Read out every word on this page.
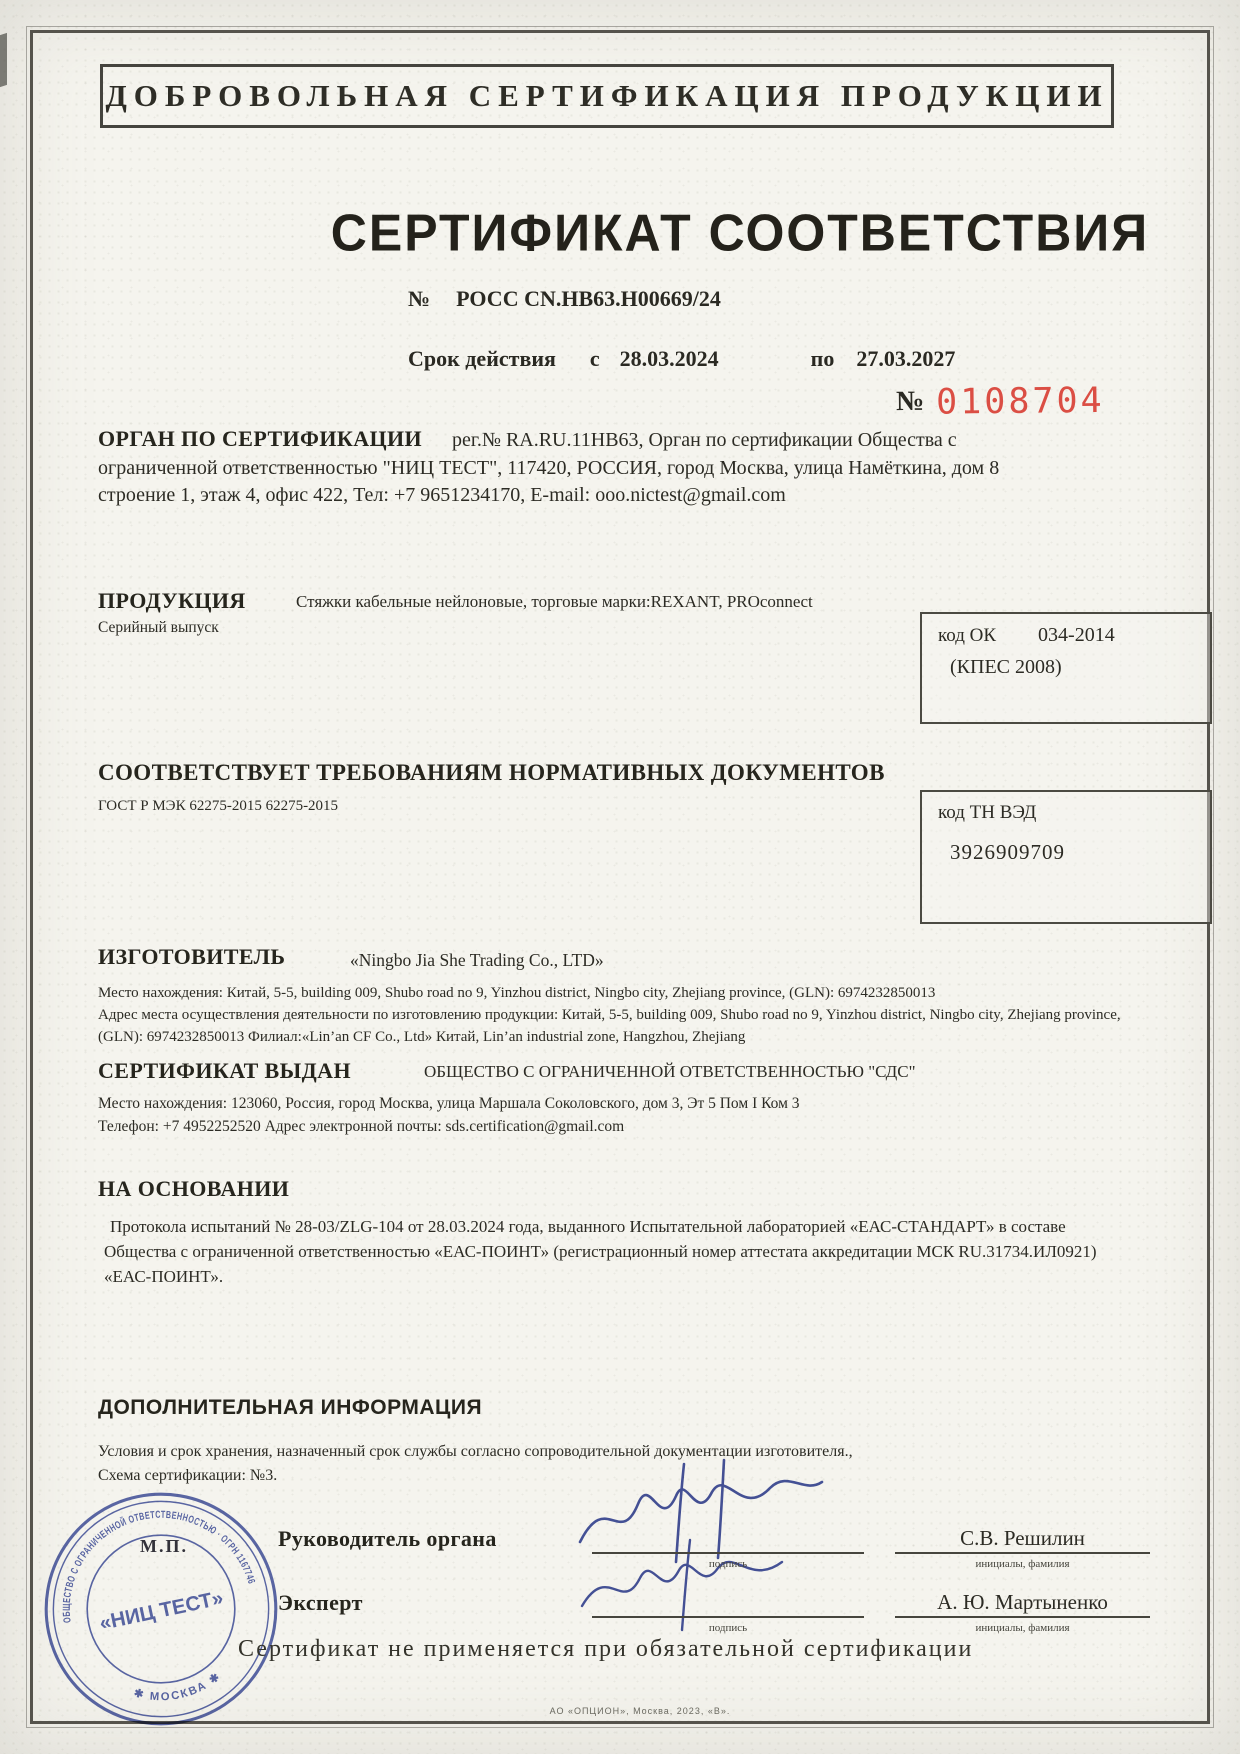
ДОБРОВОЛЬНАЯ СЕРТИФИКАЦИЯ ПРОДУКЦИИ
СЕРТИФИКАТ СООТВЕТСТВИЯ
№ РОСС CN.НВ63.Н00669/24
Срок действия с 28.03.2024	по 27.03.2027
№ 0108704

ОРГАН ПО СЕРТИФИКАЦИИ рег.№ RA.RU.11НВ63, Орган по сертификации Общества с ограниченной ответственностью "НИЦ ТЕСТ", 117420, РОССИЯ, город Москва, улица Намёткина, дом 8 строение 1, этаж 4, офис 422, Тел: +7 9651234170, E-mail: ooo.nictest@gmail.com

ПРОДУКЦИЯ
Серийный выпуск
Стяжки кабельные нейлоновые, торговые марки:REXANT, PROconnect
код ОК 034-2014
(КПЕС 2008)
СООТВЕТСТВУЕТ ТРЕБОВАНИЯМ НОРМАТИВНЫХ ДОКУМЕНТОВ
ГОСТ Р МЭК 62275-2015 62275-2015	код ТН ВЭД
3926909709
ИЗГОТОВИТЕЛЬ	«Ningbo Jia She Trading Co., LTD»
Место нахождения: Китай, 5-5, building 009, Shubo road no 9, Yinzhou district, Ningbo city, Zhejiang province, (GLN): 6974232850013
Адрес места осуществления деятельности по изготовлению продукции: Китай, 5-5, building 009, Shubo road no 9, Yinzhou district, Ningbo city, Zhejiang province, (GLN): 6974232850013 Филиал:«Lin’an CF Co., Ltd» Китай, Lin’an industrial zone, Hangzhou, Zhejiang
СЕРТИФИКАТ ВЫДАН	ОБЩЕСТВО С ОГРАНИЧЕННОЙ ОТВЕТСТВЕННОСТЬЮ "СДС"
Место нахождения: 123060, Россия, город Москва, улица Маршала Соколовского, дом 3, Эт 5 Пом I Ком 3
Телефон: +7 4952252520 Адрес электронной почты: sds.certification@gmail.com
НА ОСНОВАНИИ

Протокола испытаний № 28-03/ZLG-104 от 28.03.2024 года, выданного Испытательной лабораторией «ЕАС-СТАНДАРТ» в составе Общества с ограниченной ответственностью «ЕАС-ПОИНТ» (регистрационный номер аттестата аккредитации МСК RU.31734.ИЛ0921) «ЕАС-ПОИНТ».

ДОПОЛНИТЕЛЬНАЯ ИНФОРМАЦИЯ
Условия и срок хранения, назначенный срок службы согласно сопроводительной документации изготовителя.,
Схема сертификации: №3.
М.П.
ОБЩЕСТВО С ОГРАНИЧЕННОЙ ОТВЕТСТВЕННОСТЬЮ · ОГРН 1167746
✱ МОСКВА ✱
«НИЦ ТЕСТ»
Руководитель органа
Эксперт
подпись	инициалы, фамилия
подпись	инициалы, фамилия
С.В. Решилин
А. Ю. Мартыненко
Сертификат не применяется при обязательной сертификации
АО «ОПЦИОН», Москва, 2023, «В».
